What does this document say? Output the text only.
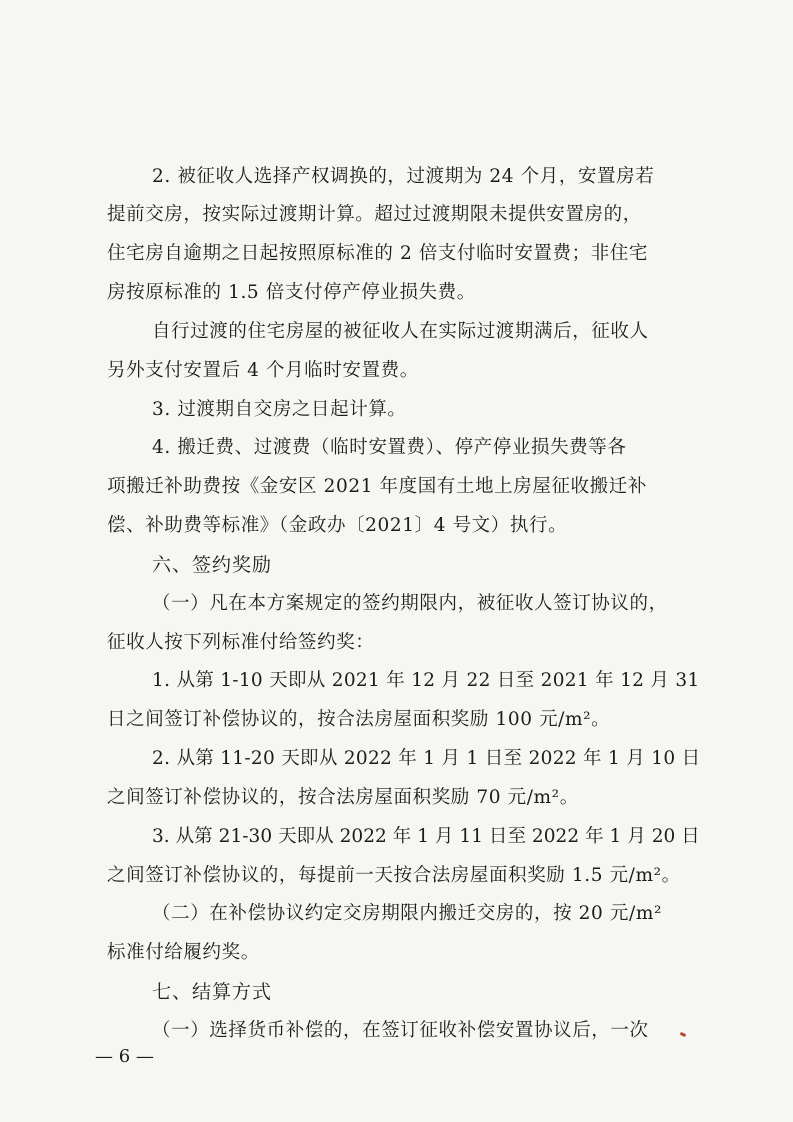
2. 被征收人选择产权调换的，过渡期为 24 个月，安置房若
提前交房，按实际过渡期计算。超过过渡期限未提供安置房的，
住宅房自逾期之日起按照原标准的 2 倍支付临时安置费；非住宅
房按原标准的 1.5 倍支付停产停业损失费。
自行过渡的住宅房屋的被征收人在实际过渡期满后，征收人
另外支付安置后 4 个月临时安置费。
3. 过渡期自交房之日起计算。
4. 搬迁费、过渡费（临时安置费）、停产停业损失费等各
项搬迁补助费按《金安区 2021 年度国有土地上房屋征收搬迁补
偿、补助费等标准》（金政办〔2021〕4 号文）执行。
六、签约奖励
（一）凡在本方案规定的签约期限内，被征收人签订协议的，
征收人按下列标准付给签约奖：
1. 从第 1-10 天即从 2021 年 12 月 22 日至 2021 年 12 月 31
日之间签订补偿协议的，按合法房屋面积奖励 100 元/m²。
2. 从第 11-20 天即从 2022 年 1 月 1 日至 2022 年 1 月 10 日
之间签订补偿协议的，按合法房屋面积奖励 70 元/m²。
3. 从第 21-30 天即从 2022 年 1 月 11 日至 2022 年 1 月 20 日
之间签订补偿协议的，每提前一天按合法房屋面积奖励 1.5 元/m²。
（二）在补偿协议约定交房期限内搬迁交房的，按 20 元/m²
标准付给履约奖。
七、结算方式
（一）选择货币补偿的，在签订征收补偿安置协议后，一次
— 6 —
